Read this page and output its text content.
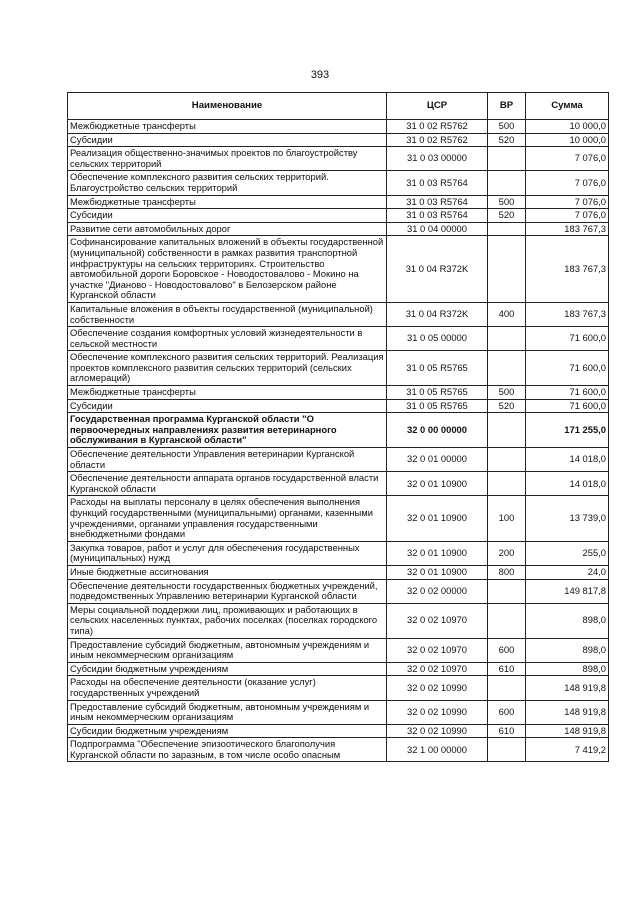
393
Наименование	ЦСР	ВР	Сумма
Межбюджетные трансферты	31 0 02 R5762	500	10 000,0
Субсидии	31 0 02 R5762	520	10 000,0
Реализация общественно-значимых проектов по благоустройству сельских территорий	31 0 03 00000		7 076,0
Обеспечение комплексного развития сельских территорий. Благоустройство сельских территорий	31 0 03 R5764		7 076,0
Межбюджетные трансферты	31 0 03 R5764	500	7 076,0
Субсидии	31 0 03 R5764	520	7 076,0
Развитие сети автомобильных дорог	31 0 04 00000		183 767,3
Софинансирование капитальных вложений в объекты государственной (муниципальной) собственности в рамках развития транспортной инфраструктуры на сельских территориях. Строительство автомобильной дороги Боровское - Новодостовалово - Мокино на участке "Дианово - Новодостовалово" в Белозерском районе Курганской области	31 0 04 R372K		183 767,3
Капитальные вложения в объекты государственной (муниципальной) собственности	31 0 04 R372K	400	183 767,3
Обеспечение создания комфортных условий жизнедеятельности в сельской местности	31 0 05 00000		71 600,0
Обеспечение комплексного развития сельских территорий. Реализация проектов комплексного развития сельских территорий (сельских агломераций)	31 0 05 R5765		71 600,0
Межбюджетные трансферты	31 0 05 R5765	500	71 600,0
Субсидии	31 0 05 R5765	520	71 600,0
Государственная программа Курганской области "О первоочередных направлениях развития ветеринарного обслуживания в Курганской области"	32 0 00 00000		171 255,0
Обеспечение деятельности Управления ветеринарии Курганской области	32 0 01 00000		14 018,0
Обеспечение деятельности аппарата органов государственной власти Курганской области	32 0 01 10900		14 018,0
Расходы на выплаты персоналу в целях обеспечения выполнения функций государственными (муниципальными) органами, казенными учреждениями, органами управления государственными внебюджетными фондами	32 0 01 10900	100	13 739,0
Закупка товаров, работ и услуг для обеспечения государственных (муниципальных) нужд	32 0 01 10900	200	255,0
Иные бюджетные ассигнования	32 0 01 10900	800	24,0
Обеспечение деятельности государственных бюджетных учреждений, подведомственных Управлению ветеринарии Курганской области	32 0 02 00000		149 817,8
Меры социальной поддержки лиц, проживающих и работающих в сельских населенных пунктах, рабочих поселках (поселках городского типа)	32 0 02 10970		898,0
Предоставление субсидий бюджетным, автономным учреждениям и иным некоммерческим организациям	32 0 02 10970	600	898,0
Субсидии бюджетным учреждениям	32 0 02 10970	610	898,0
Расходы на обеспечение деятельности (оказание услуг) государственных учреждений	32 0 02 10990		148 919,8
Предоставление субсидий бюджетным, автономным учреждениям и иным некоммерческим организациям	32 0 02 10990	600	148 919,8
Субсидии бюджетным учреждениям	32 0 02 10990	610	148 919,8
Подпрограмма "Обеспечение эпизоотического благополучия Курганской области по заразным, в том числе особо опасным	32 1 00 00000		7 419,2
